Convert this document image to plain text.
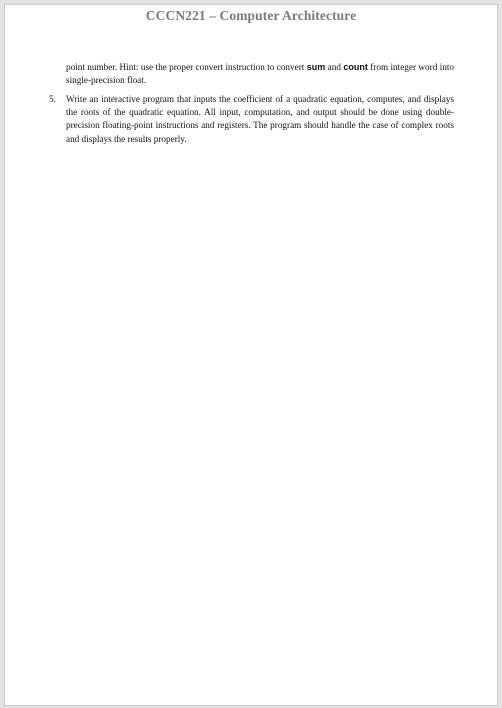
CCCN221 – Computer Architecture
point number. Hint: use the proper convert instruction to convert sum and count from integer word into single-precision float.
5.	Write an interactive program that inputs the coefficient of a quadratic equation, computes, and displays the roots of the quadratic equation. All input, computation, and output should be done using double-precision floating-point instructions and registers. The program should handle the case of complex roots and displays the results properly.
